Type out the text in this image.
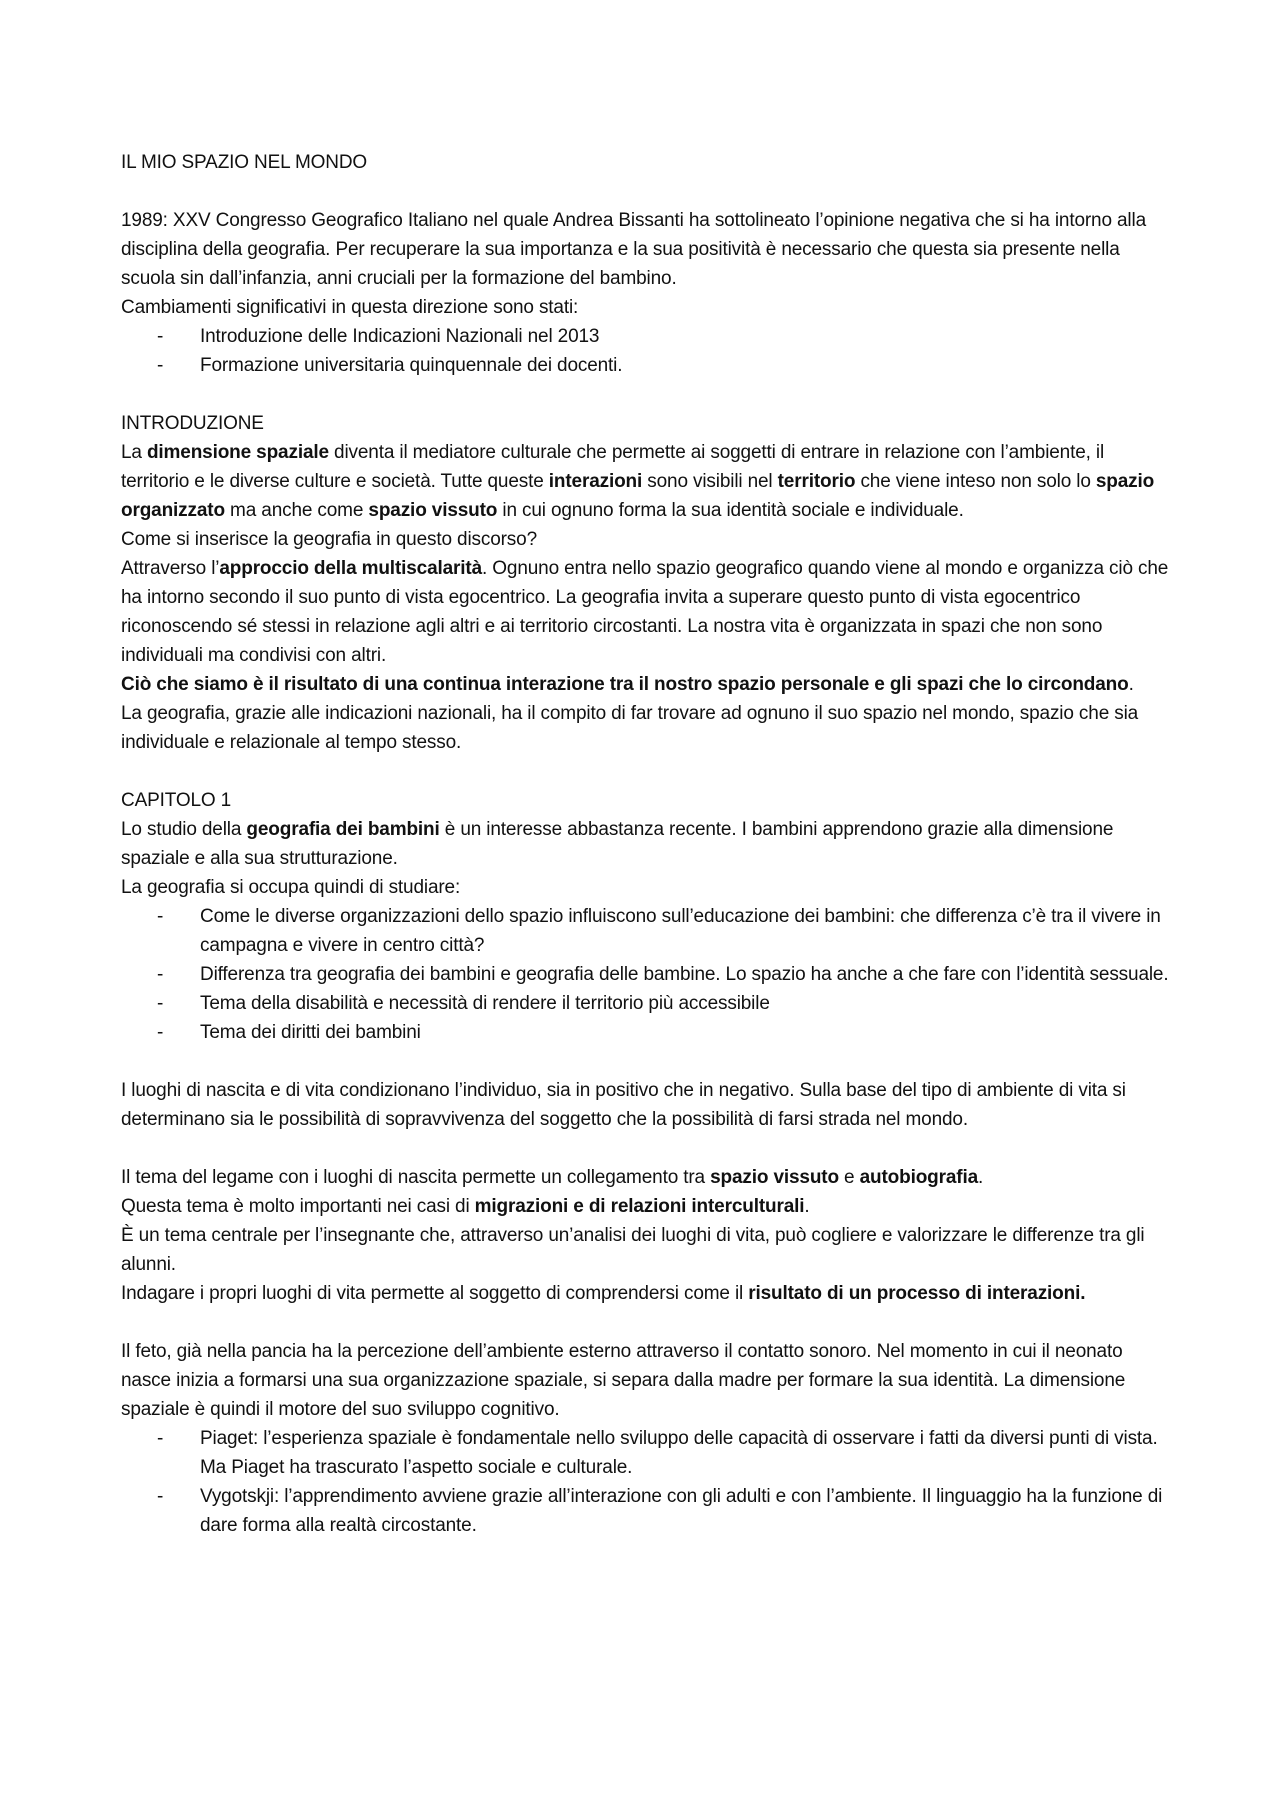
IL MIO SPAZIO NEL MONDO

1989: XXV Congresso Geografico Italiano nel quale Andrea Bissanti ha sottolineato l’opinione negativa che si ha intorno alla disciplina della geografia. Per recuperare la sua importanza e la sua positività è necessario che questa sia presente nella scuola sin dall’infanzia, anni cruciali per la formazione del bambino.

Cambiamenti significativi in questa direzione sono stati:

- Introduzione delle Indicazioni Nazionali nel 2013
- Formazione universitaria quinquennale dei docenti.

INTRODUZIONE

La dimensione spaziale diventa il mediatore culturale che permette ai soggetti di entrare in relazione con l’ambiente, il territorio e le diverse culture e società. Tutte queste interazioni sono visibili nel territorio che viene inteso non solo lo spazio organizzato ma anche come spazio vissuto in cui ognuno forma la sua identità sociale e individuale.

Come si inserisce la geografia in questo discorso?

Attraverso l’approccio della multiscalarità. Ognuno entra nello spazio geografico quando viene al mondo e organizza ciò che ha intorno secondo il suo punto di vista egocentrico. La geografia invita a superare questo punto di vista egocentrico riconoscendo sé stessi in relazione agli altri e ai territorio circostanti. La nostra vita è organizzata in spazi che non sono individuali ma condivisi con altri.

Ciò che siamo è il risultato di una continua interazione tra il nostro spazio personale e gli spazi che lo circondano.

La geografia, grazie alle indicazioni nazionali, ha il compito di far trovare ad ognuno il suo spazio nel mondo, spazio che sia individuale e relazionale al tempo stesso.

CAPITOLO 1

Lo studio della geografia dei bambini è un interesse abbastanza recente. I bambini apprendono grazie alla dimensione spaziale e alla sua strutturazione.

La geografia si occupa quindi di studiare:

- Come le diverse organizzazioni dello spazio influiscono sull’educazione dei bambini: che differenza c’è tra il vivere in campagna e vivere in centro città?
- Differenza tra geografia dei bambini e geografia delle bambine. Lo spazio ha anche a che fare con l’identità sessuale.
- Tema della disabilità e necessità di rendere il territorio più accessibile
- Tema dei diritti dei bambini

I luoghi di nascita e di vita condizionano l’individuo, sia in positivo che in negativo. Sulla base del tipo di ambiente di vita si determinano sia le possibilità di sopravvivenza del soggetto che la possibilità di farsi strada nel mondo.

Il tema del legame con i luoghi di nascita permette un collegamento tra spazio vissuto e autobiografia.

Questa tema è molto importanti nei casi di migrazioni e di relazioni interculturali.

È un tema centrale per l’insegnante che, attraverso un’analisi dei luoghi di vita, può cogliere e valorizzare le differenze tra gli alunni.

Indagare i propri luoghi di vita permette al soggetto di comprendersi come il risultato di un processo di interazioni.

Il feto, già nella pancia ha la percezione dell’ambiente esterno attraverso il contatto sonoro. Nel momento in cui il neonato nasce inizia a formarsi una sua organizzazione spaziale, si separa dalla madre per formare la sua identità. La dimensione spaziale è quindi il motore del suo sviluppo cognitivo.

- Piaget: l’esperienza spaziale è fondamentale nello sviluppo delle capacità di osservare i fatti da diversi punti di vista. Ma Piaget ha trascurato l’aspetto sociale e culturale.
- Vygotskji: l’apprendimento avviene grazie all’interazione con gli adulti e con l’ambiente. Il linguaggio ha la funzione di dare forma alla realtà circostante.
